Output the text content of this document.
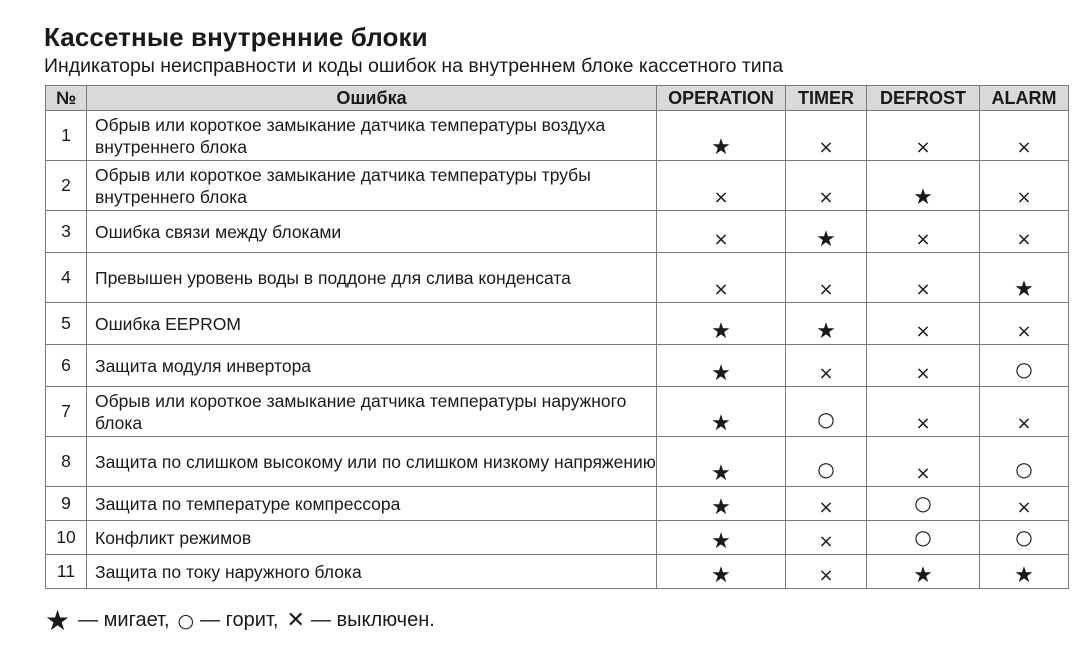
Кассетные внутренние блоки
Индикаторы неисправности и коды ошибок на внутреннем блоке кассетного типа
№	Ошибка	OPERATION	TIMER	DEFROST	ALARM
1	Обрыв или короткое замыкание датчика температуры воздуха внутреннего блока	★	×	×	×
2	Обрыв или короткое замыкание датчика температуры трубы внутреннего блока	×	×	★	×
3	Ошибка связи между блоками	×	★	×	×
4	Превышен уровень воды в поддоне для слива конденсата	×	×	×	★
5	Ошибка EEPROM	★	★	×	×
6	Защита модуля инвертора	★	×	×	○
7	Обрыв или короткое замыкание датчика температуры наружного блока	★	○	×	×
8	Защита по слишком высокому или по слишком низкому напряжению	★	○	×	○
9	Защита по температуре компрессора	★	×	○	×
10	Конфликт режимов	★	×	○	○
11	Защита по току наружного блока	★	×	★	★
★ — мигает, ○ — горит, ✕ — выключен.
